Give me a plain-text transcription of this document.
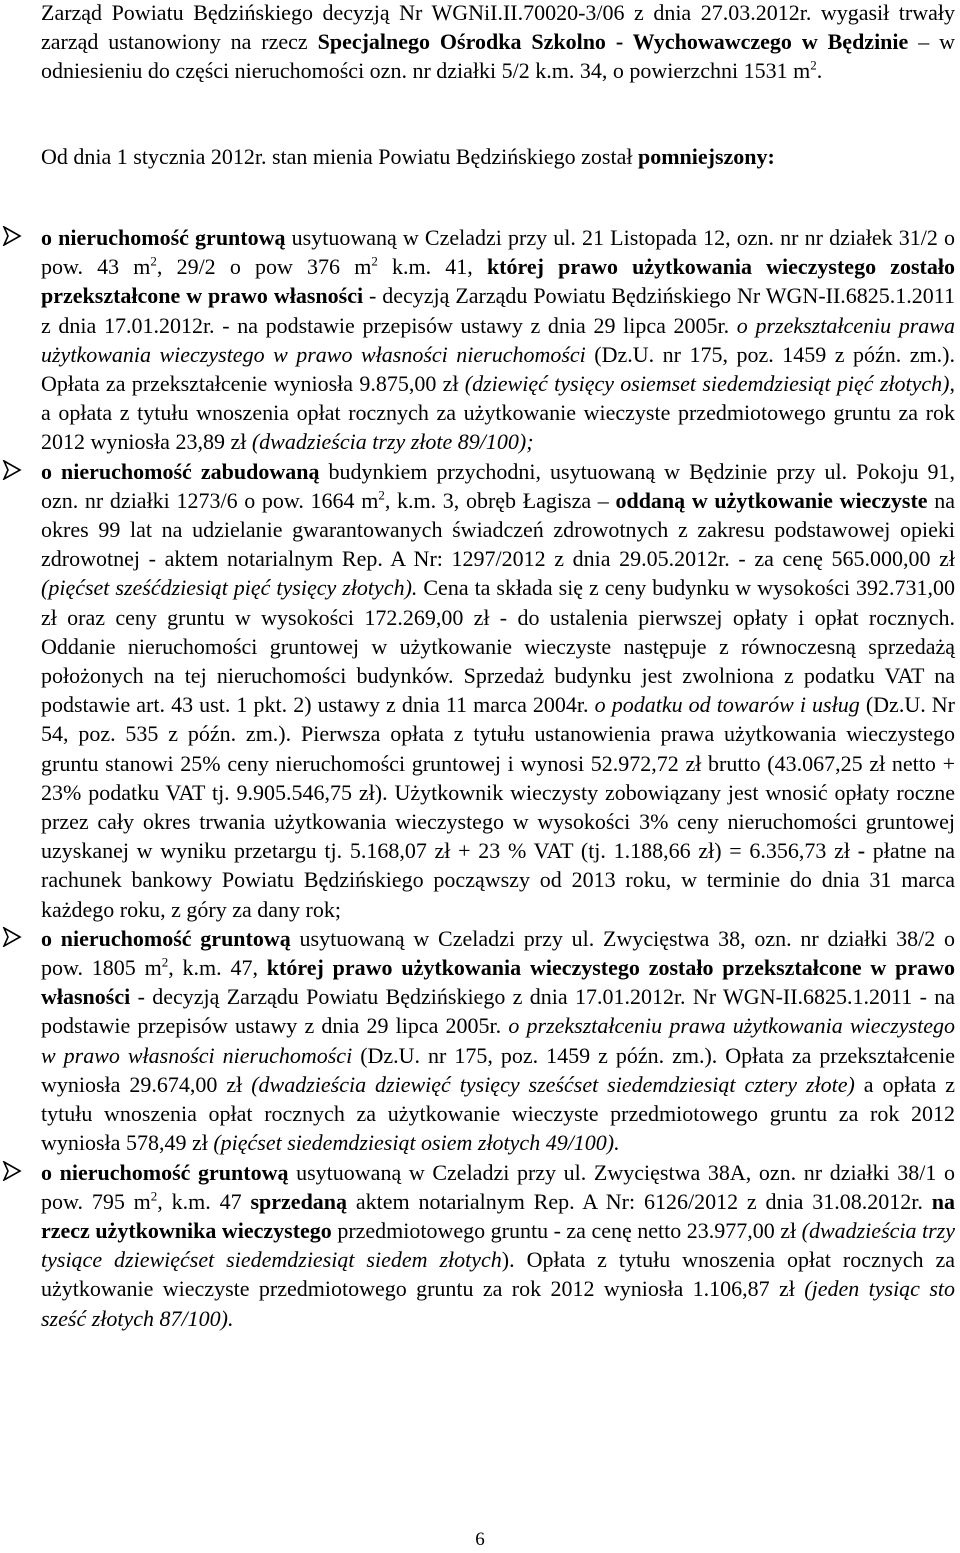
Zarząd Powiatu Będzińskiego decyzją Nr WGNiI.II.70020-3/06 z dnia 27.03.2012r. wygasił trwały zarząd ustanowiony na rzecz Specjalnego Ośrodka Szkolno - Wychowawczego w Będzinie – w odniesieniu do części nieruchomości ozn. nr działki 5/2 k.m. 34, o powierzchni 1531 $m^2$.
Od dnia 1 stycznia 2012r. stan mienia Powiatu Będzińskiego został pomniejszony:
o nieruchomość gruntową usytuowaną w Czeladzi przy ul. 21 Listopada 12, ozn. nr nr działek 31/2 o pow. 43 $m^2$, 29/2 o pow 376 $m^2$ k.m. 41, której prawo użytkowania wieczystego zostało przekształcone w prawo własności - decyzją Zarządu Powiatu Będzińskiego Nr WGN-II.6825.1.2011 z dnia 17.01.2012r. - na podstawie przepisów ustawy z dnia 29 lipca 2005r. o przekształceniu prawa użytkowania wieczystego w prawo własności nieruchomości (Dz.U. nr 175, poz. 1459 z późn. zm.). Opłata za przekształcenie wyniosła 9.875,00 zł (dziewięć tysięcy osiemset siedemdziesiąt pięć złotych), a opłata z tytułu wnoszenia opłat rocznych za użytkowanie wieczyste przedmiotowego gruntu za rok 2012 wyniosła 23,89 zł (dwadzieścia trzy złote 89/100);
o nieruchomość zabudowaną budynkiem przychodni, usytuowaną w Będzinie przy ul. Pokoju 91, ozn. nr działki 1273/6 o pow. 1664 $m^2$, k.m. 3, obręb Łagisza – oddaną w użytkowanie wieczyste na okres 99 lat na udzielanie gwarantowanych świadczeń zdrowotnych z zakresu podstawowej opieki zdrowotnej - aktem notarialnym Rep. A Nr: 1297/2012 z dnia 29.05.2012r. - za cenę 565.000,00 zł (pięćset sześćdziesiąt pięć tysięcy złotych). Cena ta składa się z ceny budynku w wysokości 392.731,00 zł oraz ceny gruntu w wysokości 172.269,00 zł - do ustalenia pierwszej opłaty i opłat rocznych. Oddanie nieruchomości gruntowej w użytkowanie wieczyste następuje z równoczesną sprzedażą położonych na tej nieruchomości budynków. Sprzedaż budynku jest zwolniona z podatku VAT na podstawie art. 43 ust. 1 pkt. 2) ustawy z dnia 11 marca 2004r. o podatku od towarów i usług (Dz.U. Nr 54, poz. 535 z późn. zm.). Pierwsza opłata z tytułu ustanowienia prawa użytkowania wieczystego gruntu stanowi 25% ceny nieruchomości gruntowej i wynosi 52.972,72 zł brutto (43.067,25 zł netto + 23% podatku VAT tj. 9.905.546,75 zł). Użytkownik wieczysty zobowiązany jest wnosić opłaty roczne przez cały okres trwania użytkowania wieczystego w wysokości 3% ceny nieruchomości gruntowej uzyskanej w wyniku przetargu tj. 5.168,07 zł + 23 % VAT (tj. 1.188,66 zł) = 6.356,73 zł - płatne na rachunek bankowy Powiatu Będzińskiego począwszy od 2013 roku, w terminie do dnia 31 marca każdego roku, z góry za dany rok;
o nieruchomość gruntową usytuowaną w Czeladzi przy ul. Zwycięstwa 38, ozn. nr działki 38/2 o pow. 1805 $m^2$, k.m. 47, której prawo użytkowania wieczystego zostało przekształcone w prawo własności - decyzją Zarządu Powiatu Będzińskiego z dnia 17.01.2012r. Nr WGN-II.6825.1.2011 - na podstawie przepisów ustawy z dnia 29 lipca 2005r. o przekształceniu prawa użytkowania wieczystego w prawo własności nieruchomości (Dz.U. nr 175, poz. 1459 z późn. zm.). Opłata za przekształcenie wyniosła 29.674,00 zł (dwadzieścia dziewięć tysięcy sześćset siedemdziesiąt cztery złote) a opłata z tytułu wnoszenia opłat rocznych za użytkowanie wieczyste przedmiotowego gruntu za rok 2012 wyniosła 578,49 zł (pięćset siedemdziesiąt osiem złotych 49/100).
o nieruchomość gruntową usytuowaną w Czeladzi przy ul. Zwycięstwa 38A, ozn. nr działki 38/1 o pow. 795 $m^2$, k.m. 47 sprzedaną aktem notarialnym Rep. A Nr: 6126/2012 z dnia 31.08.2012r. na rzecz użytkownika wieczystego przedmiotowego gruntu - za cenę netto 23.977,00 zł (dwadzieścia trzy tysiące dziewięćset siedemdziesiąt siedem złotych). Opłata z tytułu wnoszenia opłat rocznych za użytkowanie wieczyste przedmiotowego gruntu za rok 2012 wyniosła 1.106,87 zł (jeden tysiąc sto sześć złotych 87/100).
6
